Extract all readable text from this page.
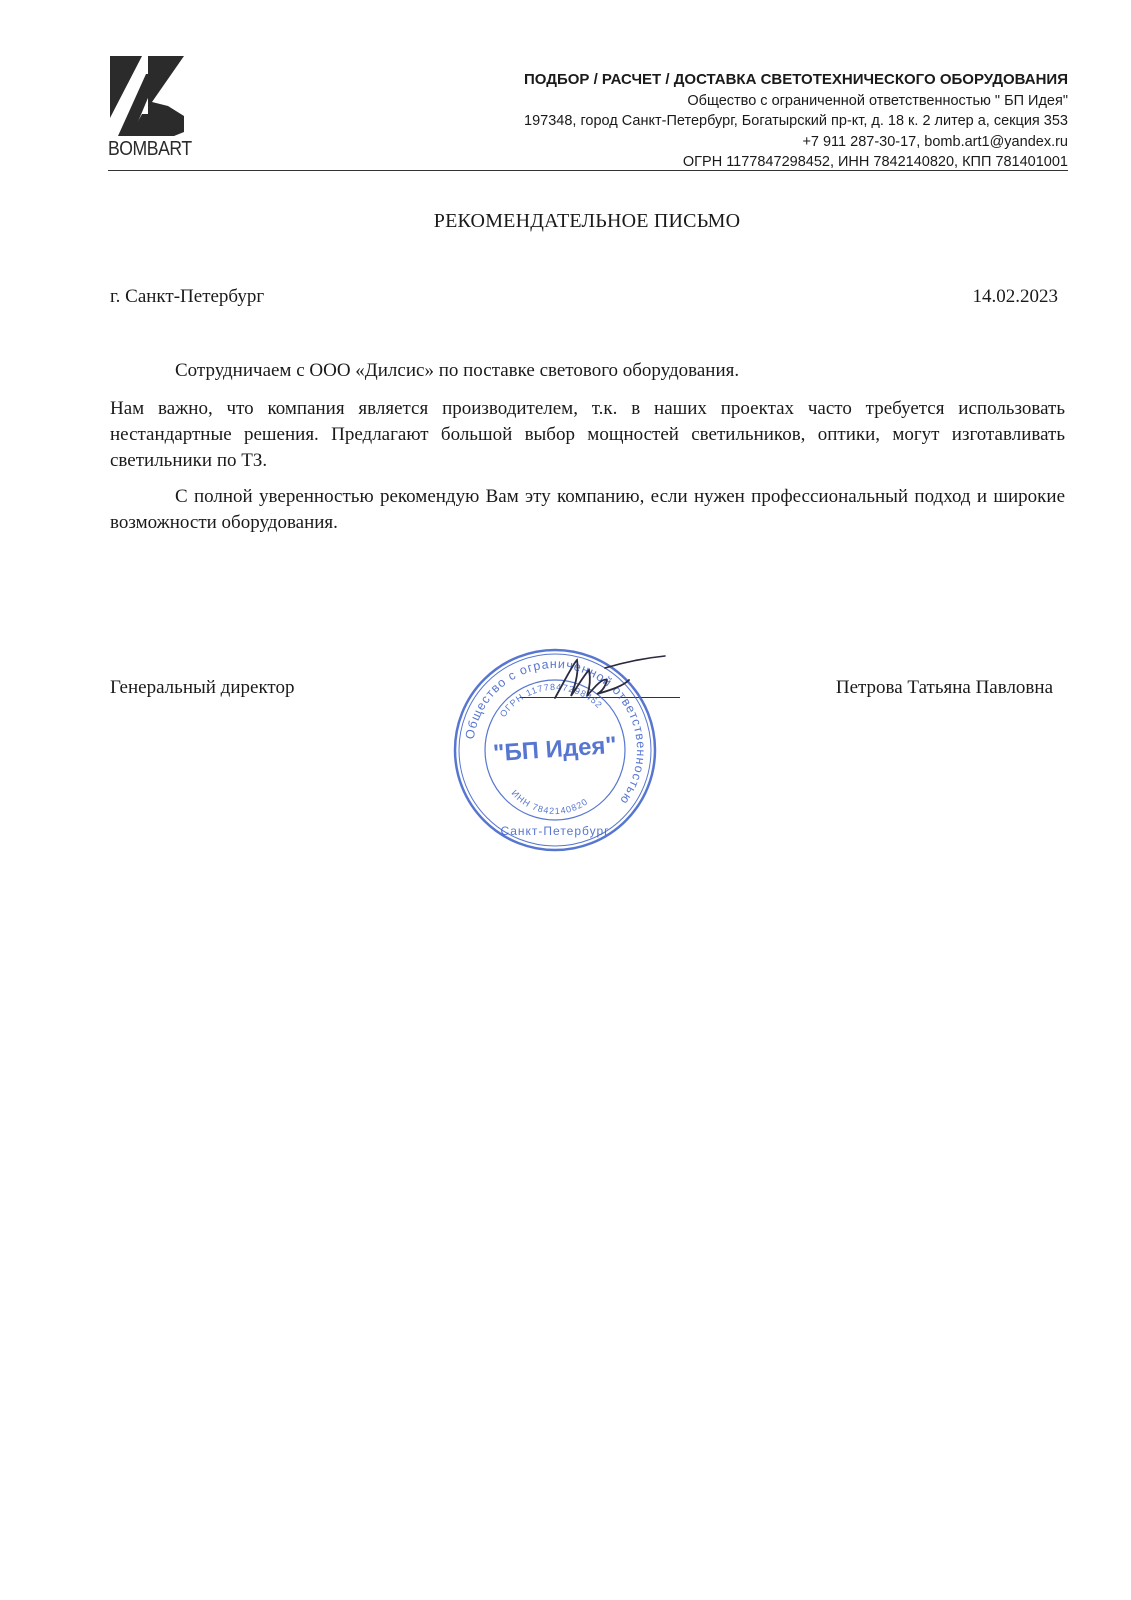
BOMBART
ПОДБОР / РАСЧЕТ / ДОСТАВКА СВЕТОТЕХНИЧЕСКОГО ОБОРУДОВАНИЯ
Общество с ограниченной ответственностью " БП Идея"
197348, город Санкт-Петербург, Богатырский пр-кт, д. 18 к. 2 литер а, секция 353
+7 911 287-30-17, bomb.art1@yandex.ru
ОГРН 1177847298452, ИНН 7842140820, КПП 781401001
РЕКОМЕНДАТЕЛЬНОЕ ПИСЬМО
г. Санкт-Петербург	14.02.2023
Сотрудничаем с ООО «Дилсис» по поставке светового оборудования.
Нам важно, что компания является производителем, т.к. в наших проектах часто требуется использовать нестандартные решения. Предлагают большой выбор мощностей светильников, оптики, могут изготавливать светильники по ТЗ.
С полной уверенностью рекомендую Вам эту компанию, если нужен профессиональный подход и широкие возможности оборудования.
Генеральный директор	Петрова Татьяна Павловна
Общество с ограниченной ответственностью
ОГРН 1177847298452
ИНН 7842140820
"БП Идея"
Санкт-Петербург
